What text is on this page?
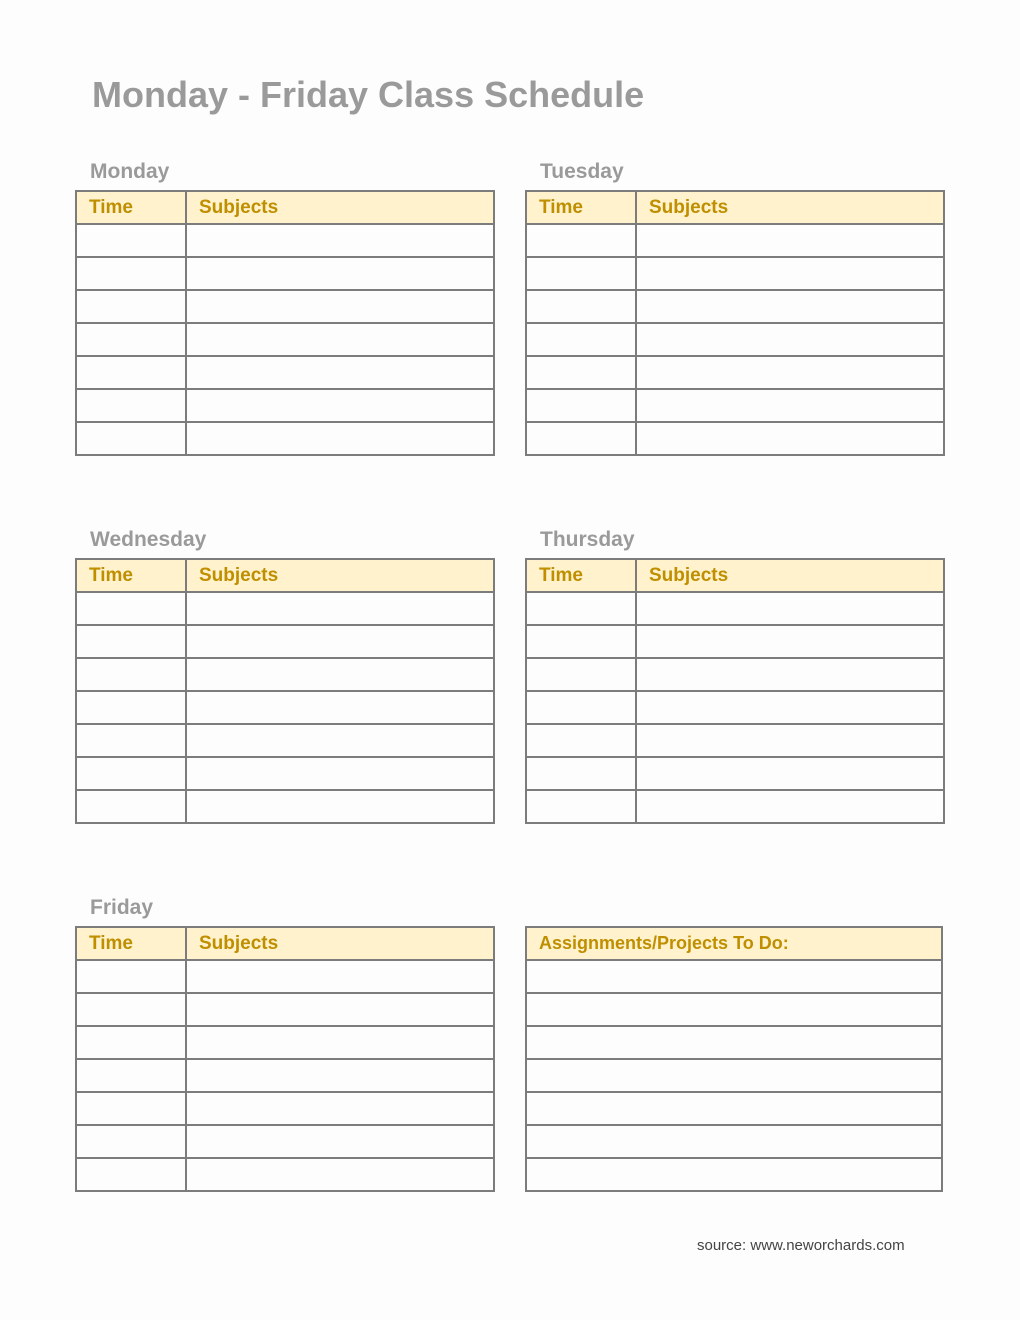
Monday - Friday Class Schedule
Monday
Time	Subjects

Tuesday
Time	Subjects

Wednesday
Time	Subjects

Thursday
Time	Subjects

Friday
Time	Subjects

		Assignments/Projects To Do:

source: www.neworchards.com
